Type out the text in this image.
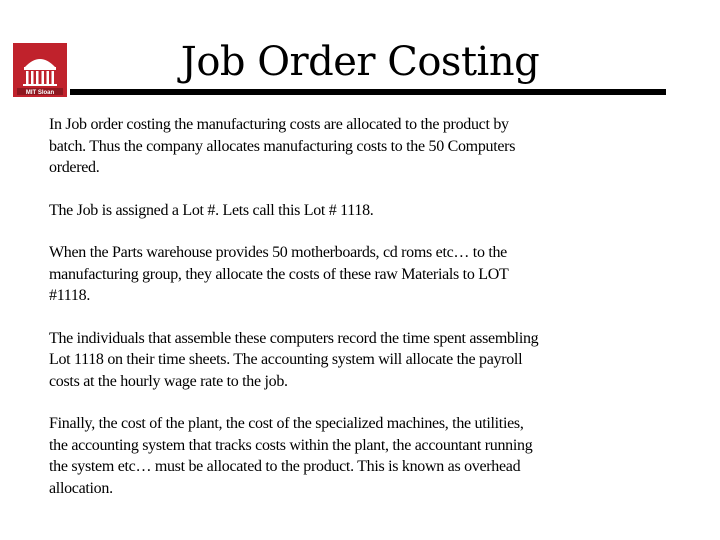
MIT Sloan
Job Order Costing

In Job order costing the manufacturing costs are allocated to the product by
batch. Thus the company allocates manufacturing costs to the 50 Computers
ordered.

The Job is assigned a Lot #. Lets call this Lot # 1118.

When the Parts warehouse provides 50 motherboards, cd roms etc… to the
manufacturing group, they allocate the costs of these raw Materials to LOT
#1118.

The individuals that assemble these computers record the time spent assembling
Lot 1118 on their time sheets. The accounting system will allocate the payroll
costs at the hourly wage rate to the job.

Finally, the cost of the plant, the cost of the specialized machines, the utilities,
the accounting system that tracks costs within the plant, the accountant running
the system etc… must be allocated to the product. This is known as overhead
allocation.
